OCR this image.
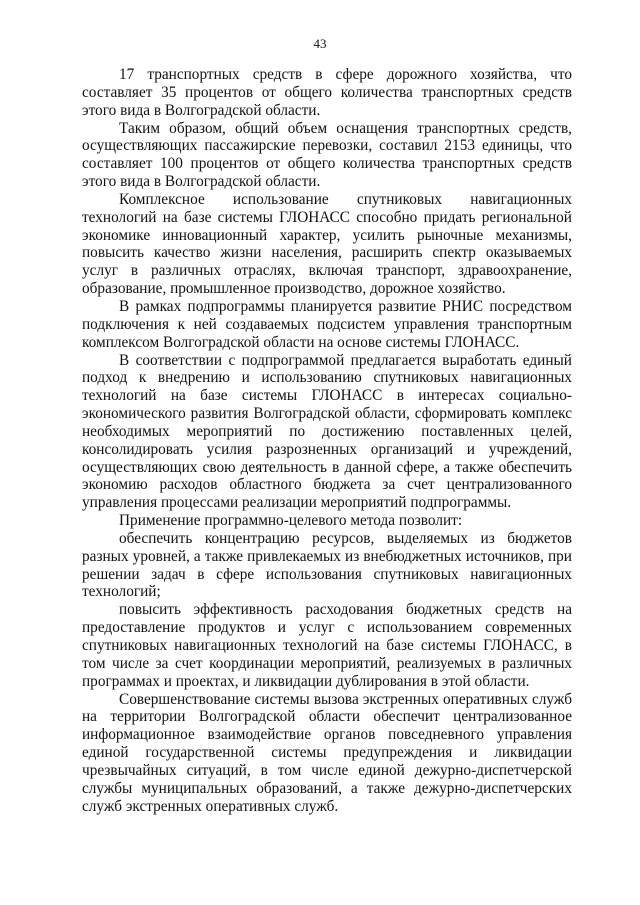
43

17 транспортных средств в сфере дорожного хозяйства, что составляет 35 процентов от общего количества транспортных средств этого вида в Волгоградской области.

Таким образом, общий объем оснащения транспортных средств, осуществляющих пассажирские перевозки, составил 2153 единицы, что составляет 100 процентов от общего количества транспортных средств этого вида в Волгоградской области.

Комплексное использование спутниковых навигационных технологий на базе системы ГЛОНАСС способно придать региональной экономике инновационный характер, усилить рыночные механизмы, повысить качество жизни населения, расширить спектр оказываемых услуг в различных отраслях, включая транспорт, здравоохранение, образование, промышленное производство, дорожное хозяйство.

В рамках подпрограммы планируется развитие РНИС посредством подключения к ней создаваемых подсистем управления транспортным комплексом Волгоградской области на основе системы ГЛОНАСС.

В соответствии с подпрограммой предлагается выработать единый подход к внедрению и использованию спутниковых навигационных технологий на базе системы ГЛОНАСС в интересах социально-экономического развития Волгоградской области, сформировать комплекс необходимых мероприятий по достижению поставленных целей, консолидировать усилия разрозненных организаций и учреждений, осуществляющих свою деятельность в данной сфере, а также обеспечить экономию расходов областного бюджета за счет централизованного управления процессами реализации мероприятий подпрограммы.

Применение программно-целевого метода позволит:

обеспечить концентрацию ресурсов, выделяемых из бюджетов разных уровней, а также привлекаемых из внебюджетных источников, при решении задач в сфере использования спутниковых навигационных технологий;

повысить эффективность расходования бюджетных средств на предоставление продуктов и услуг с использованием современных спутниковых навигационных технологий на базе системы ГЛОНАСС, в том числе за счет координации мероприятий, реализуемых в различных программах и проектах, и ликвидации дублирования в этой области.

Совершенствование системы вызова экстренных оперативных служб на территории Волгоградской области обеспечит централизованное информационное взаимодействие органов повседневного управления единой государственной системы предупреждения и ликвидации чрезвычайных ситуаций, в том числе единой дежурно-диспетчерской службы муниципальных образований, а также дежурно-диспетчерских служб экстренных оперативных служб.
